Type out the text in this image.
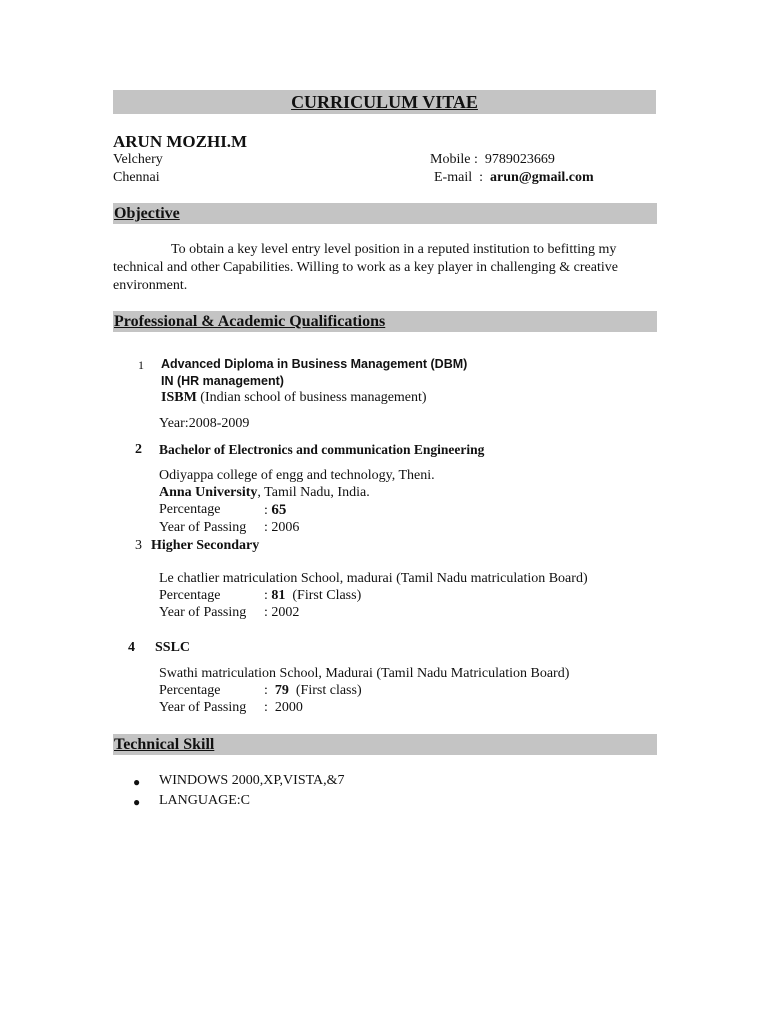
CURRICULUM VITAE
ARUN MOZHI.M
Velchery
Chennai
Mobile :  9789023669
E-mail  :  arun@gmail.com
Objective
To obtain a key level entry level position in a reputed institution to befitting my technical and other Capabilities. Willing to work as a key player in challenging & creative environment.
Professional & Academic Qualifications
1 Advanced Diploma in Business Management (DBM)
IN (HR management)
ISBM (Indian school of business management)
Year:2008-2009
2 Bachelor of Electronics and communication Engineering
Odiyappa college of engg and technology, Theni.
Anna University, Tamil Nadu, India.
Percentage	: 65
Year of Passing : 2006
3 Higher Secondary
Le chatlier matriculation School, madurai (Tamil Nadu matriculation Board)
Percentage	: 81  (First Class)
Year of Passing : 2002
4 SSLC
Swathi matriculation School, Madurai (Tamil Nadu Matriculation Board)
Percentage	:  79  (First class)
Year of Passing :  2000
Technical Skill
● WINDOWS 2000,XP,VISTA,&7
● LANGUAGE:C
